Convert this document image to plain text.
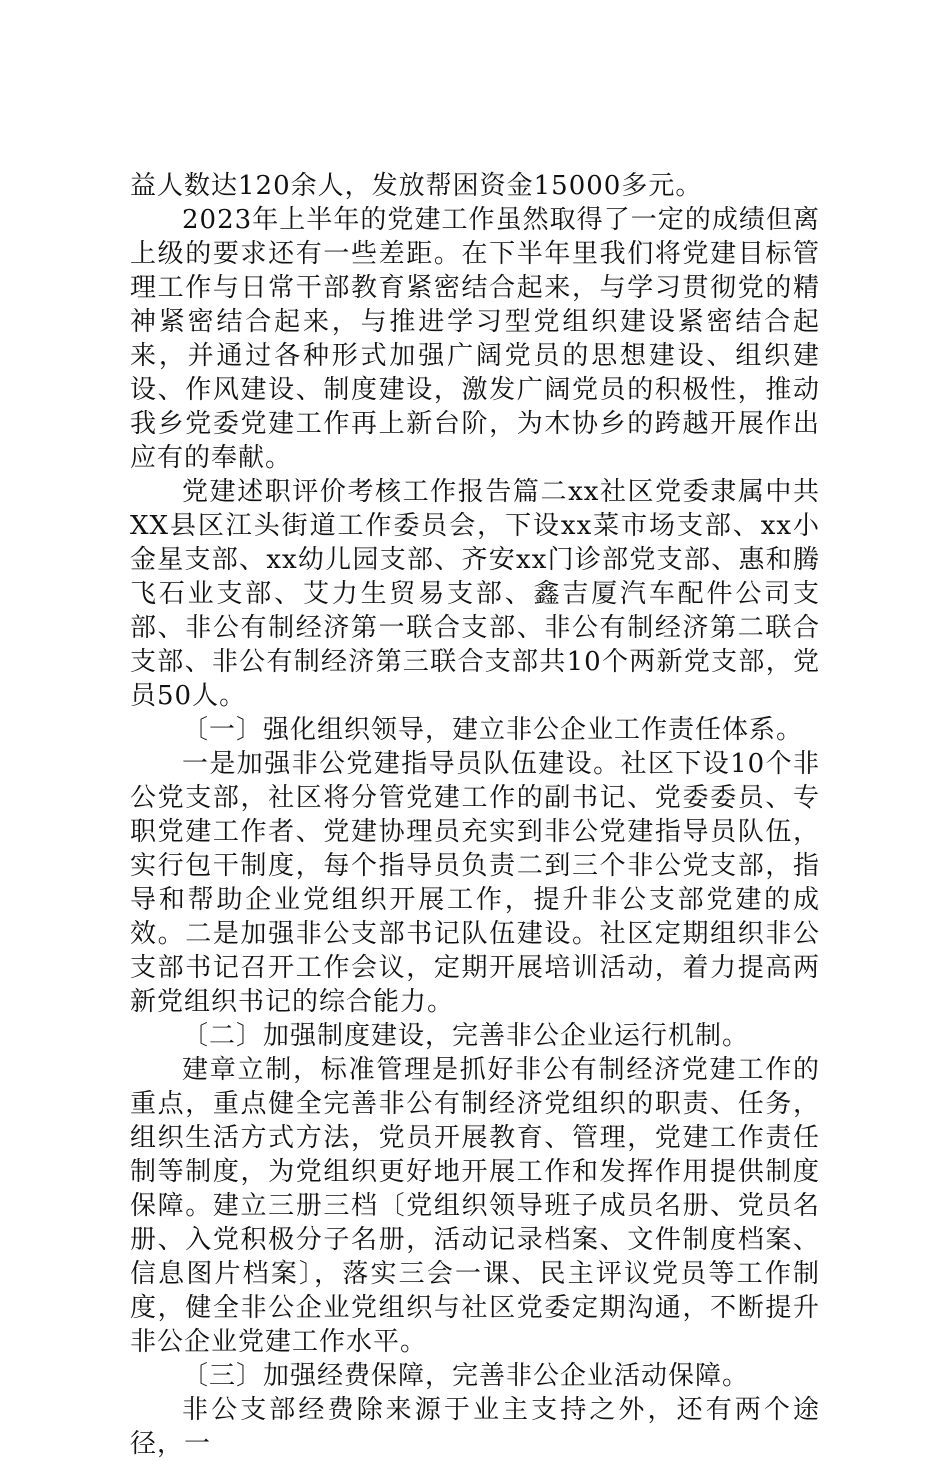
益人数达120余人，发放帮困资金15000多元。

2023年上半年的党建工作虽然取得了一定的成绩但离上级的要求还有一些差距。在下半年里我们将党建目标管理工作与日常干部教育紧密结合起来，与学习贯彻党的精神紧密结合起来，与推进学习型党组织建设紧密结合起来，并通过各种形式加强广阔党员的思想建设、组织建设、作风建设、制度建设，激发广阔党员的积极性，推动我乡党委党建工作再上新台阶，为木协乡的跨越开展作出应有的奉献。

党建述职评价考核工作报告篇二xx社区党委隶属中共XX县区江头街道工作委员会，下设xx菜市场支部、xx小金星支部、xx幼儿园支部、齐安xx门诊部党支部、惠和腾飞石业支部、艾力生贸易支部、鑫吉厦汽车配件公司支部、非公有制经济第一联合支部、非公有制经济第二联合支部、非公有制经济第三联合支部共10个两新党支部，党员50人。

〔一〕强化组织领导，建立非公企业工作责任体系。

一是加强非公党建指导员队伍建设。社区下设10个非公党支部，社区将分管党建工作的副书记、党委委员、专职党建工作者、党建协理员充实到非公党建指导员队伍，实行包干制度，每个指导员负责二到三个非公党支部，指导和帮助企业党组织开展工作，提升非公支部党建的成效。二是加强非公支部书记队伍建设。社区定期组织非公支部书记召开工作会议，定期开展培训活动，着力提高两新党组织书记的综合能力。

〔二〕加强制度建设，完善非公企业运行机制。

建章立制，标准管理是抓好非公有制经济党建工作的重点，重点健全完善非公有制经济党组织的职责、任务，组织生活方式方法，党员开展教育、管理，党建工作责任制等制度，为党组织更好地开展工作和发挥作用提供制度保障。建立三册三档〔党组织领导班子成员名册、党员名册、入党积极分子名册，活动记录档案、文件制度档案、信息图片档案〕，落实三会一课、民主评议党员等工作制度，健全非公企业党组织与社区党委定期沟通，不断提升非公企业党建工作水平。

〔三〕加强经费保障，完善非公企业活动保障。

非公支部经费除来源于业主支持之外，还有两个途径，一
